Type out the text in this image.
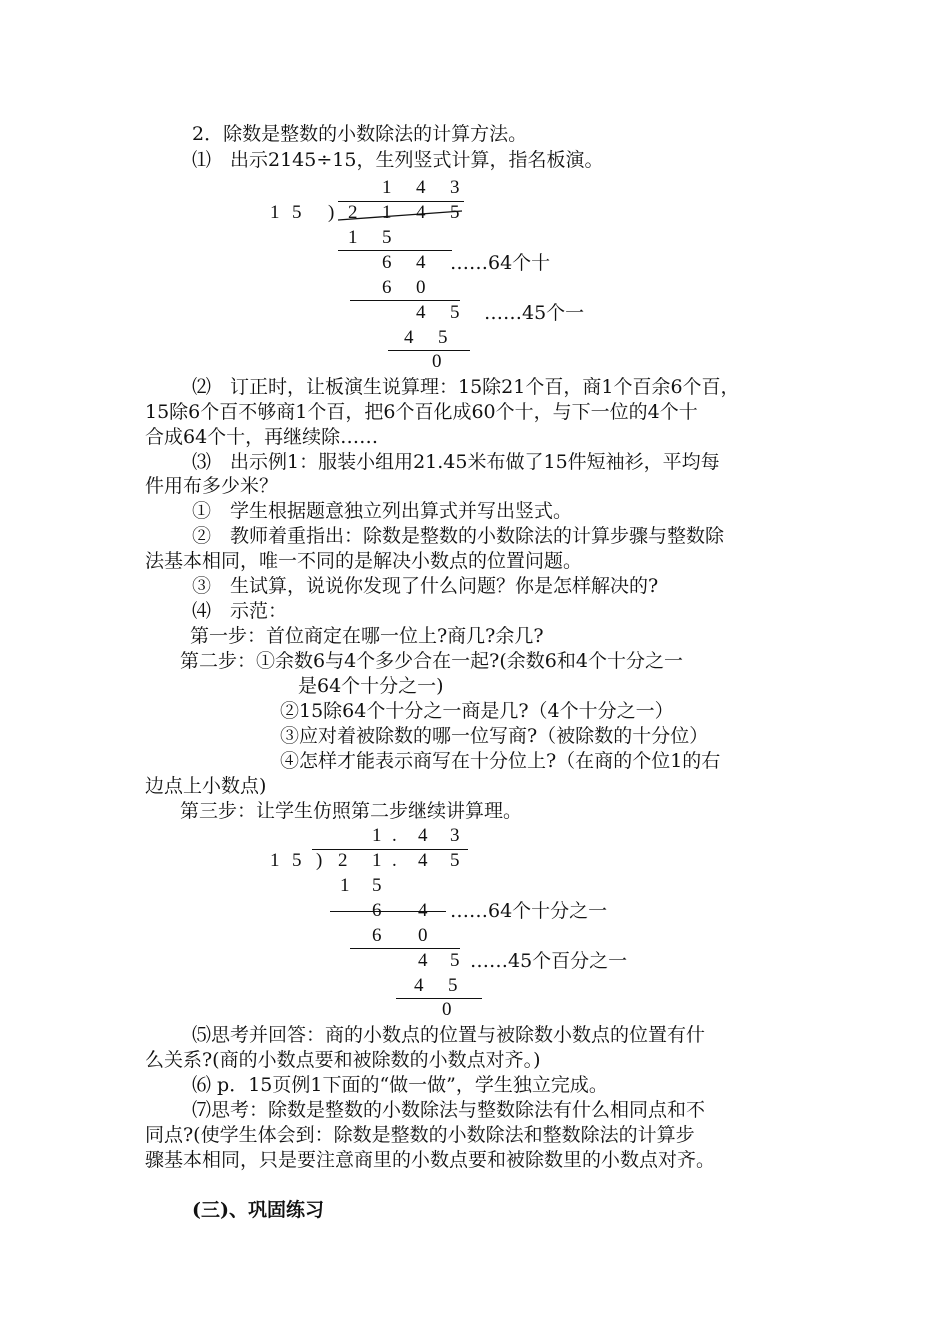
2．除数是整数的小数除法的计算方法。
⑴　出示2145÷15，生列竖式计算，指名板演。
1 4 3
1 5 ) 2 1 4 5
1 5
6 4 ……64个十
6 0
4 5 ……45个一
4 5
0
⑵　订正时，让板演生说算理：15除21个百，商1个百余6个百，
15除6个百不够商1个百，把6个百化成60个十，与下一位的4个十
合成64个十，再继续除……
⑶　出示例1：服装小组用21.45米布做了15件短袖衫，平均每
件用布多少米？
①　学生根据题意独立列出算式并写出竖式。
②　教师着重指出：除数是整数的小数除法的计算步骤与整数除
法基本相同，唯一不同的是解决小数点的位置问题。
③　生试算，说说你发现了什么问题？你是怎样解决的?
⑷　示范：
第一步：首位商定在哪一位上?商几?余几?
第二步：①余数6与4个多少合在一起?(余数6和4个十分之一
是64个十分之一)
②15除64个十分之一商是几?（4个十分之一）
③应对着被除数的哪一位写商?（被除数的十分位）
④怎样才能表示商写在十分位上?（在商的个位1的右
边点上小数点)
第三步：让学生仿照第二步继续讲算理。
1 . 4 3
1 5 ) 2 1 . 4 5
1 5
6 4 ……64个十分之一
6 0
4 5 ……45个百分之一
4 5
0
⑸思考并回答：商的小数点的位置与被除数小数点的位置有什
么关系?(商的小数点要和被除数的小数点对齐。)
⑹ p．15页例1下面的“做一做”，学生独立完成。
⑺思考：除数是整数的小数除法与整数除法有什么相同点和不
同点?(使学生体会到：除数是整数的小数除法和整数除法的计算步
骤基本相同，只是要注意商里的小数点要和被除数里的小数点对齐。
(三)、巩固练习
